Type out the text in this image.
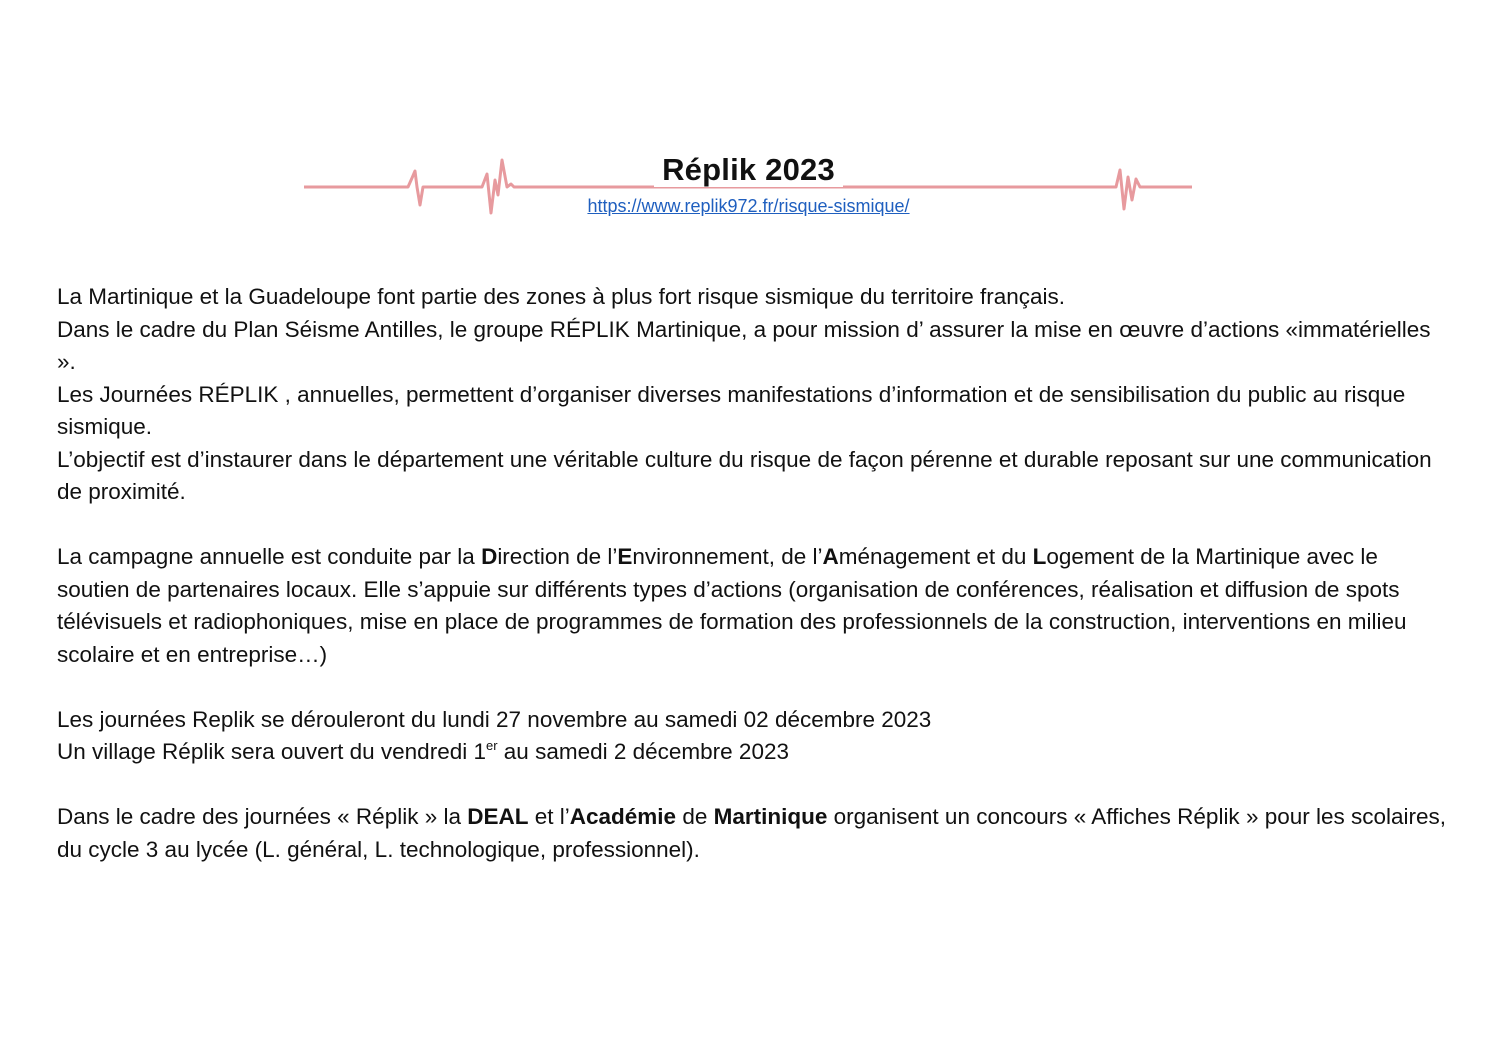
Réplik 2023
https://www.replik972.fr/risque-sismique/

La Martinique et la Guadeloupe font partie des zones à plus fort risque sismique du territoire français.

Dans le cadre du Plan Séisme Antilles, le groupe RÉPLIK Martinique, a pour mission d’ assurer la mise en œuvre d’actions «immatérielles ».

Les Journées RÉPLIK , annuelles, permettent d’organiser diverses manifestations d’information et de sensibilisation du public au risque sismique.

L’objectif est d’instaurer dans le département une véritable culture du risque de façon pérenne et durable reposant sur une communication de proximité.

La campagne annuelle est conduite par la Direction de l’Environnement, de l’Aménagement et du Logement de la Martinique avec le soutien de partenaires locaux. Elle s’appuie sur différents types d’actions (organisation de conférences, réalisation et diffusion de spots télévisuels et radiophoniques, mise en place de programmes de formation des professionnels de la construction, interventions en milieu scolaire et en entreprise…)

Les journées Replik se dérouleront du lundi 27 novembre au samedi 02 décembre 2023

Un village Réplik sera ouvert du vendredi 1er au samedi 2 décembre 2023

Dans le cadre des journées « Réplik » la DEAL et l’Académie de Martinique organisent un concours « Affiches Réplik » pour les scolaires, du cycle 3 au lycée (L. général, L. technologique, professionnel).
